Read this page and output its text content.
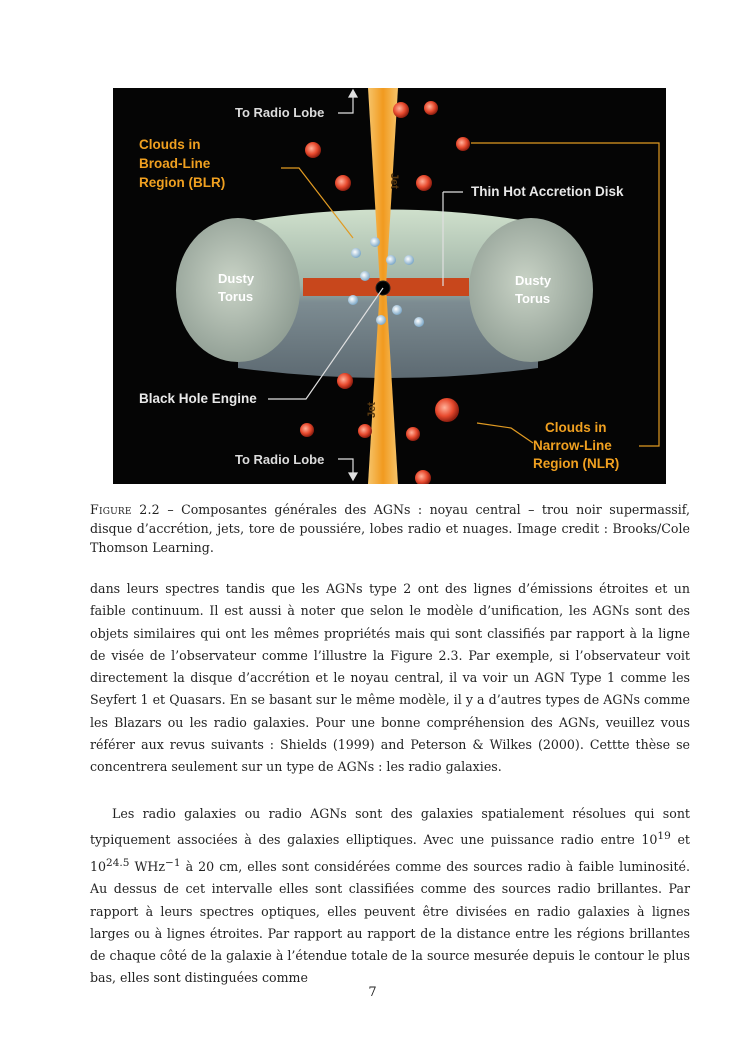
Jet
Jet
To Radio Lobe
To Radio Lobe
Clouds in
Broad-Line
Region (BLR)
Thin Hot Accretion Disk
Dusty
Torus
Dusty
Torus
Black Hole Engine
Clouds in
Narrow-Line
Region (NLR)
Figure 2.2 – Composantes générales des AGNs : noyau central – trou noir supermassif, disque d’accrétion, jets, tore de poussiére, lobes radio et nuages. Image credit : Brooks/Cole Thomson Learning.
dans leurs spectres tandis que les AGNs type 2 ont des lignes d’émissions étroites et un faible continuum. Il est aussi à noter que selon le modèle d’unification, les AGNs sont des objets similaires qui ont les mêmes propriétés mais qui sont classifiés par rapport à la ligne de visée de l’observateur comme l’illustre la Figure 2.3. Par exemple, si l’observateur voit directement la disque d’accrétion et le noyau central, il va voir un AGN Type 1 comme les Seyfert 1 et Quasars. En se basant sur le même modèle, il y a d’autres types de AGNs comme les Blazars ou les radio galaxies. Pour une bonne compréhension des AGNs, veuillez vous référer aux revus suivants : Shields (1999) and Peterson & Wilkes (2000). Cettte thèse se concentrera seulement sur un type de AGNs : les radio galaxies.
Les radio galaxies ou radio AGNs sont des galaxies spatialement résolues qui sont typiquement associées à des galaxies elliptiques. Avec une puissance radio entre $10^{19}$ et $10^{24.5}$ WHz$^{-1}$ à 20 cm, elles sont considérées comme des sources radio à faible luminosité. Au dessus de cet intervalle elles sont classifiées comme des sources radio brillantes. Par rapport à leurs spectres optiques, elles peuvent être divisées en radio galaxies à lignes larges ou à lignes étroites. Par rapport au rapport de la distance entre les régions brillantes de chaque côté de la galaxie à l’étendue totale de la source mesurée depuis le contour le plus bas, elles sont distinguées comme
7
